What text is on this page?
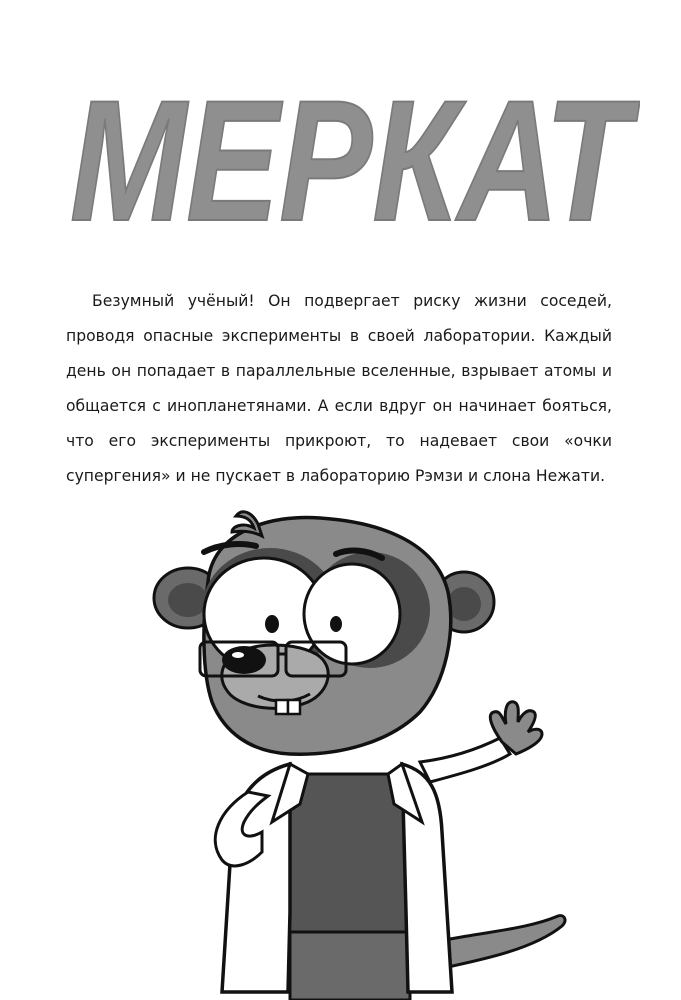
МЕРКАТ

Безумный учёный! Он подвергает риску жизни соседей, проводя опасные эксперименты в своей лаборатории. Каждый день он попадает в параллельные вселенные, взрывает атомы и общается с инопланетянами. А если вдруг он начинает бояться, что его эксперименты прикроют, то надевает свои «очки супергения» и не пускает в лабораторию Рэмзи и слона Нежати.
